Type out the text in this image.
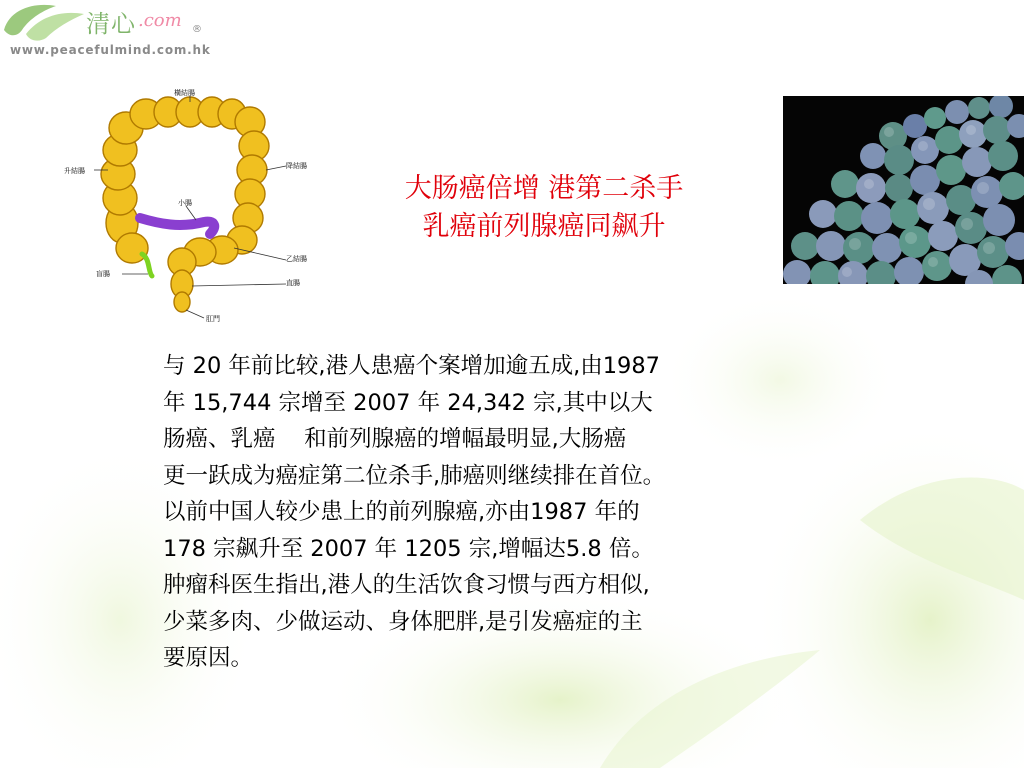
清心 .com ®
www.peacefulmind.com.hk
橫結腸
升結腸
降結腸
小腸
乙結腸
直腸
盲腸
肛門
大肠癌倍增 港第二杀手
乳癌前列腺癌同飙升
与 20 年前比较,港人患癌个案增加逾五成,由1987
年 15,744 宗增至 2007 年 24,342 宗,其中以大
肠癌、乳癌    和前列腺癌的增幅最明显,大肠癌
更一跃成为癌症第二位杀手,肺癌则继续排在首位。
以前中国人较少患上的前列腺癌,亦由1987 年的
178 宗飙升至 2007 年 1205 宗,增幅达5.8 倍。
肿瘤科医生指出,港人的生活饮食习惯与西方相似,
少菜多肉、少做运动、身体肥胖,是引发癌症的主
要原因。
